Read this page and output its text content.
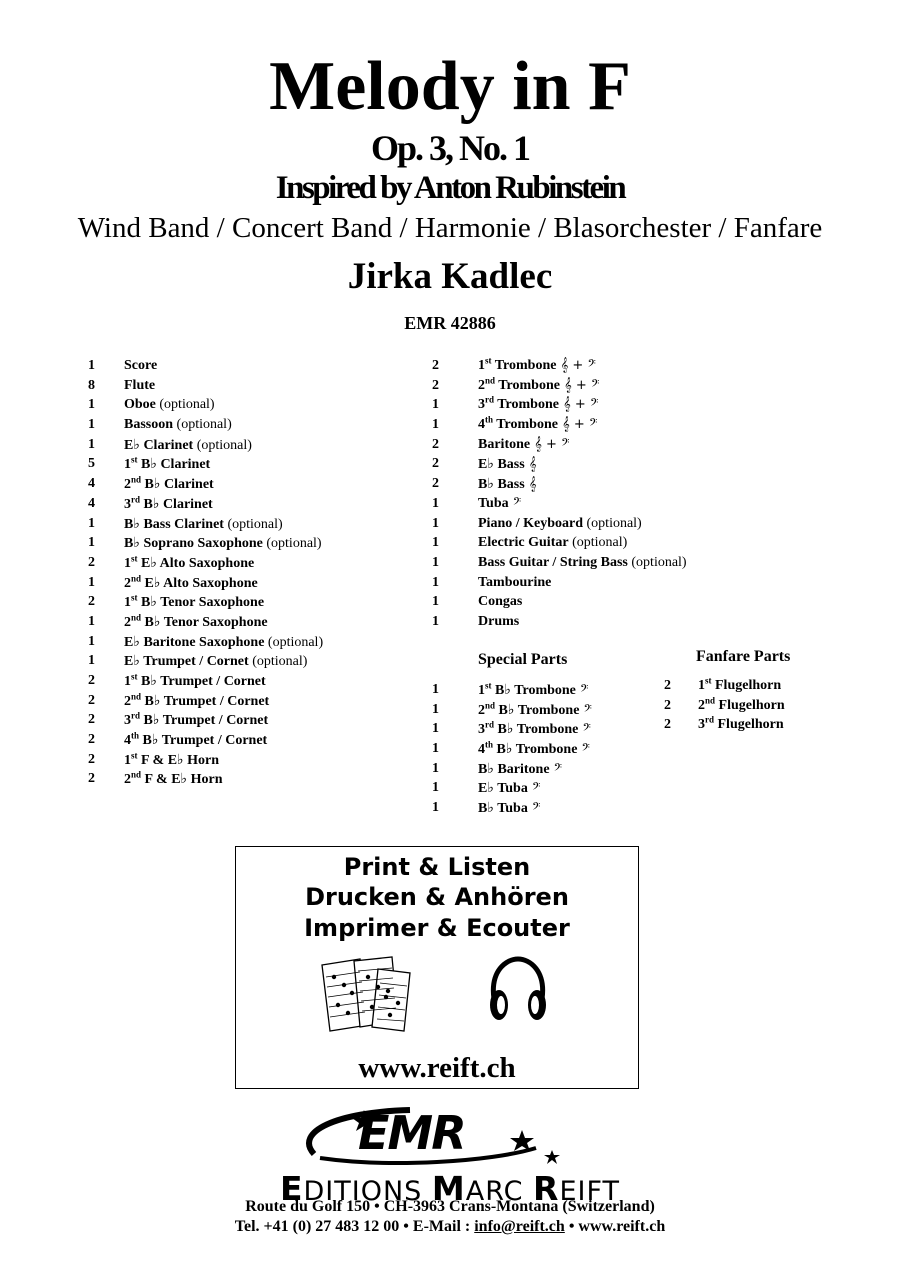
Melody in F
Op. 3, No. 1
Inspired by Anton Rubinstein
Wind Band / Concert Band / Harmonie / Blasorchester / Fanfare
Jirka Kadlec
EMR 42886
1 Score
8 Flute
1 Oboe (optional)
1 Bassoon (optional)
1 E♭ Clarinet (optional)
5 1st B♭ Clarinet
4 2nd B♭ Clarinet
4 3rd B♭ Clarinet
1 B♭ Bass Clarinet (optional)
1 B♭ Soprano Saxophone (optional)
2 1st E♭ Alto Saxophone
1 2nd E♭ Alto Saxophone
2 1st B♭ Tenor Saxophone
1 2nd B♭ Tenor Saxophone
1 E♭ Baritone Saxophone (optional)
1 E♭ Trumpet / Cornet (optional)
2 1st B♭ Trumpet / Cornet
2 2nd B♭ Trumpet / Cornet
2 3rd B♭ Trumpet / Cornet
2 4th B♭ Trumpet / Cornet
2 1st F & E♭ Horn
2 2nd F & E♭ Horn
2	1st Trombone 𝄞 + 𝄢
2	2nd Trombone 𝄞 + 𝄢
1	3rd Trombone 𝄞 + 𝄢
1	4th Trombone 𝄞 + 𝄢
2	Baritone 𝄞 + 𝄢
2	E♭ Bass 𝄞
2	B♭ Bass 𝄞
1	Tuba 𝄢
1	Piano / Keyboard (optional)
1	Electric Guitar (optional)
1	Bass Guitar / String Bass (optional)
1	Tambourine
1	Congas
1	Drums
Special Parts
1	1st B♭ Trombone 𝄢
1	2nd B♭ Trombone 𝄢
1	3rd B♭ Trombone 𝄢
1	4th B♭ Trombone 𝄢
1	B♭ Baritone 𝄢
1	E♭ Tuba 𝄢
1	B♭ Tuba 𝄢
Fanfare Parts
2 1st Flugelhorn
2 2nd Flugelhorn
2 3rd Flugelhorn
Print & Listen
Drucken & Anhören
Imprimer & Ecouter
www.reift.ch
EMR
EDITIONS MARC REIFT
Route du Golf 150 • CH-3963 Crans-Montana (Switzerland)
Tel. +41 (0) 27 483 12 00 • E-Mail : info@reift.ch • www.reift.ch
